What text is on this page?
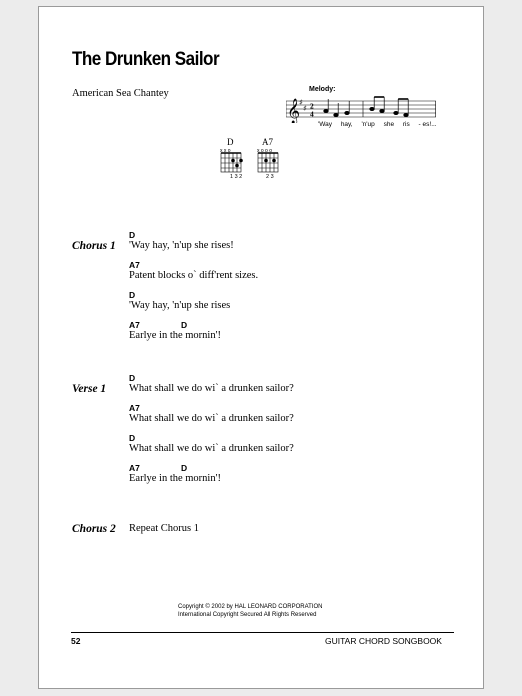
The Drunken Sailor
American Sea Chantey	Melody:
𝄞
♯
♯ 2
4
'Way hay, 'n'up she ris - es!...
D
x x o
1 3 2
A7
x o o o
2 3
Chorus 1
D
'Way hay, 'n'up she rises!
A7
Patent blocks o` diff'rent sizes.
D
'Way hay, 'n'up she rises
A7	D
Earlye in the mornin'!
Verse 1
D
What shall we do wi` a drunken sailor?
A7
What shall we do wi` a drunken sailor?
D
What shall we do wi` a drunken sailor?
A7	D
Earlye in the mornin'!
Chorus 2 Repeat Chorus 1
Copyright © 2002 by HAL LEONARD CORPORATION
International Copyright Secured All Rights Reserved
52	GUITAR CHORD SONGBOOK
